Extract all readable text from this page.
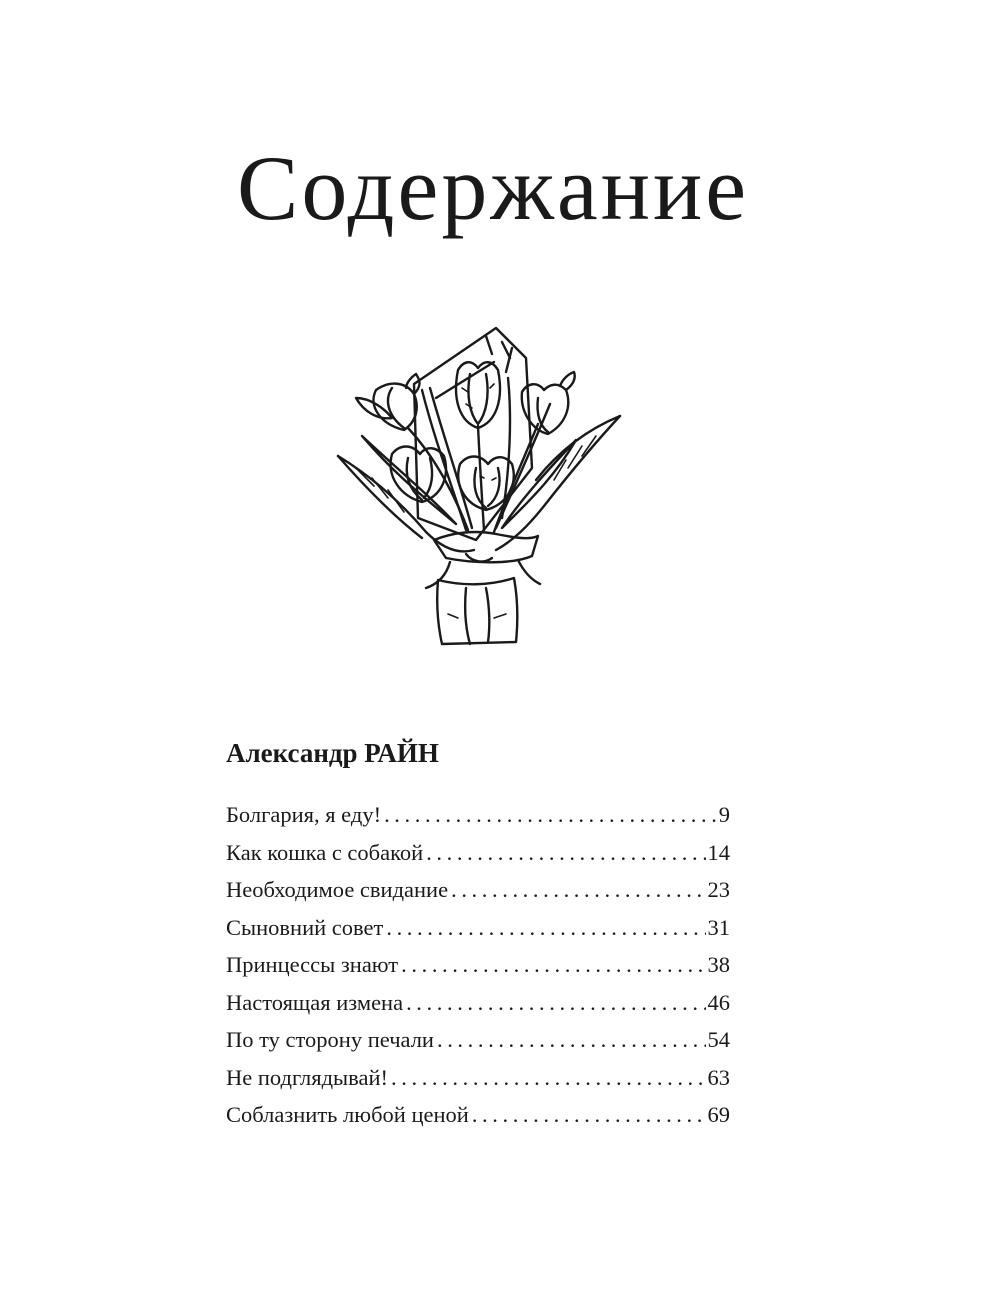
Содержание
Александр РАЙН
Болгария, я еду! .....	9
Как кошка с собакой .....	14
Необходимое свидание .....	23
Сыновний совет .....	31
Принцессы знают .....	38
Настоящая измена .....	46
По ту сторону печали .....	54
Не подглядывай! .....	63
Соблазнить любой ценой .....	69
